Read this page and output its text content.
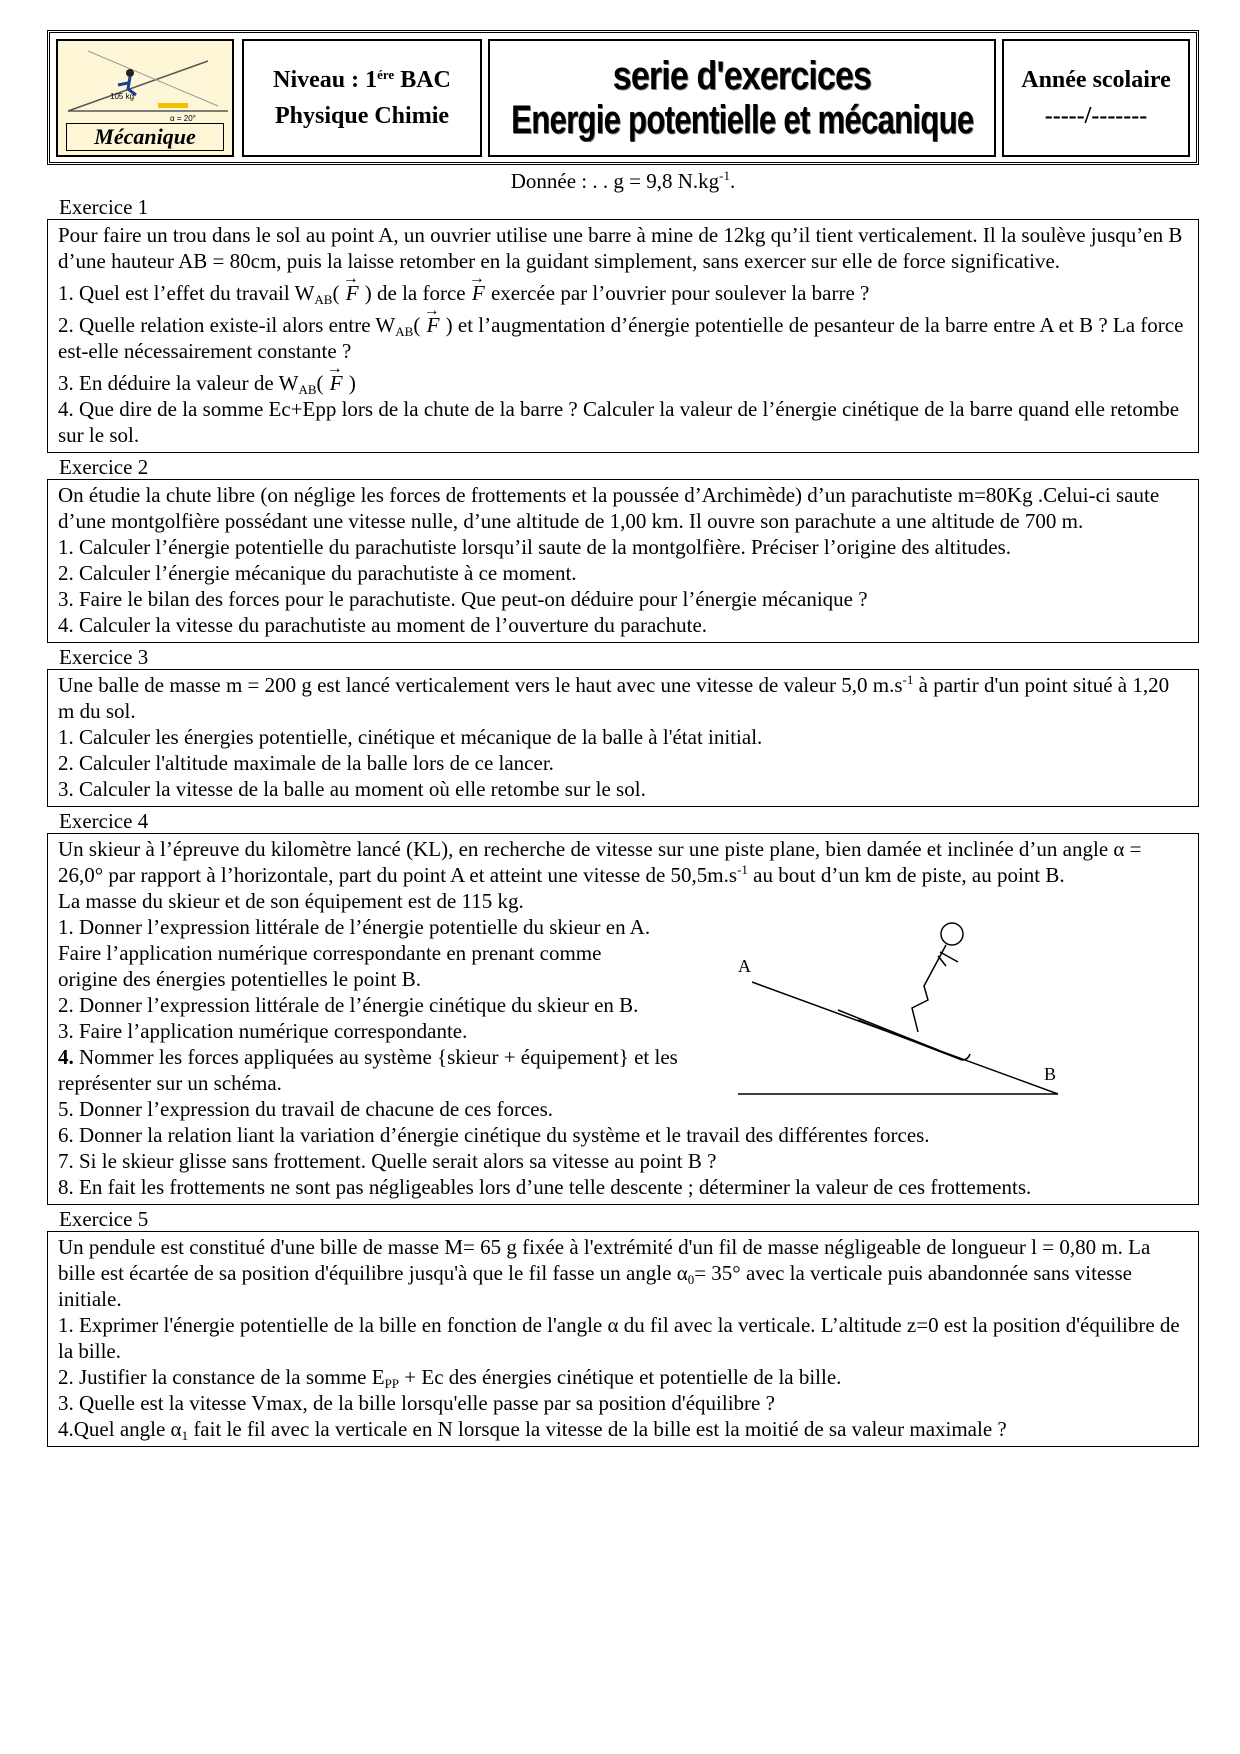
105 kg
α = 20°
Mécanique
Niveau : $1^{ére}$ BAC
Physique Chimie
serie d'exercices
Energie potentielle et mécanique
Année scolaire
-----/-------
Donnée : . . g = 9,8 $N.kg^{-1}$.
Exercice 1

Pour faire un trou dans le sol au point A, un ouvrier utilise une barre à mine de 12kg qu’il tient verticalement. Il la soulève jusqu’en B d’une hauteur AB = 80cm, puis la laisse retomber en la guidant simplement, sans exercer sur elle de force significative.

1. Quel est l’effet du travail $W_{AB}( \to F$ ) de la force → F exercée par l’ouvrier pour soulever la barre ?

2. Quelle relation existe-il alors entre $W_{AB}( \to F$ ) et l’augmentation d’énergie potentielle de pesanteur de la barre entre A et B ? La force est-elle nécessairement constante ?

3. En déduire la valeur de $W_{AB}( \to F$ )

4. Que dire de la somme Ec+Epp lors de la chute de la barre ? Calculer la valeur de l’énergie cinétique de la barre quand elle retombe sur le sol.

Exercice 2

On étudie la chute libre (on néglige les forces de frottements et la poussée d’Archimède) d’un parachutiste m=80Kg .Celui-ci saute d’une montgolfière possédant une vitesse nulle, d’une altitude de 1,00 km. Il ouvre son parachute a une altitude de 700 m.

1. Calculer l’énergie potentielle du parachutiste lorsqu’il saute de la montgolfière. Préciser l’origine des altitudes.

2. Calculer l’énergie mécanique du parachutiste à ce moment.

3. Faire le bilan des forces pour le parachutiste. Que peut-on déduire pour l’énergie mécanique ?

4. Calculer la vitesse du parachutiste au moment de l’ouverture du parachute.

Exercice 3

Une balle de masse m = 200 g est lancé verticalement vers le haut avec une vitesse de valeur 5,0 $m.s^{-1}$ à partir d'un point situé à 1,20 m du sol.

1. Calculer les énergies potentielle, cinétique et mécanique de la balle à l'état initial.

2. Calculer l'altitude maximale de la balle lors de ce lancer.

3. Calculer la vitesse de la balle au moment où elle retombe sur le sol.

Exercice 4

Un skieur à l’épreuve du kilomètre lancé (KL), en recherche de vitesse sur une piste plane, bien damée et inclinée d’un angle α = 26,0° par rapport à l’horizontale, part du point A et atteint une vitesse de $50,5m.s^{-1}$ au bout d’un km de piste, au point B.

La masse du skieur et de son équipement est de 115 kg.

1. Donner l’expression littérale de l’énergie potentielle du skieur en A.

Faire l’application numérique correspondante en prenant comme origine des énergies potentielles le point B.

2. Donner l’expression littérale de l’énergie cinétique du skieur en B.

3. Faire l’application numérique correspondante.

4. Nommer les forces appliquées au système {skieur + équipement} et les représenter sur un schéma.

5. Donner l’expression du travail de chacune de ces forces.

6. Donner la relation liant la variation d’énergie cinétique du système et le travail des différentes forces.

7. Si le skieur glisse sans frottement. Quelle serait alors sa vitesse au point B ?

8. En fait les frottements ne sont pas négligeables lors d’une telle descente ; déterminer la valeur de ces frottements.

A
B
Exercice 5

Un pendule est constitué d'une bille de masse M= 65 g fixée à l'extrémité d'un fil de masse négligeable de longueur l = 0,80 m. La bille est écartée de sa position d'équilibre jusqu'à que le fil fasse un angle $\alpha_0= 35^\circ$ avec la verticale puis abandonnée sans vitesse initiale.

1. Exprimer l'énergie potentielle de la bille en fonction de l'angle α du fil avec la verticale. L’altitude z=0 est la position d'équilibre de la bille.

2. Justifier la constance de la somme $E_{PP} + Ec$ des énergies cinétique et potentielle de la bille.

3. Quelle est la vitesse Vmax, de la bille lorsqu'elle passe par sa position d'équilibre ?

4.Quel angle $\alpha_1$ fait le fil avec la verticale en N lorsque la vitesse de la bille est la moitié de sa valeur maximale ?
